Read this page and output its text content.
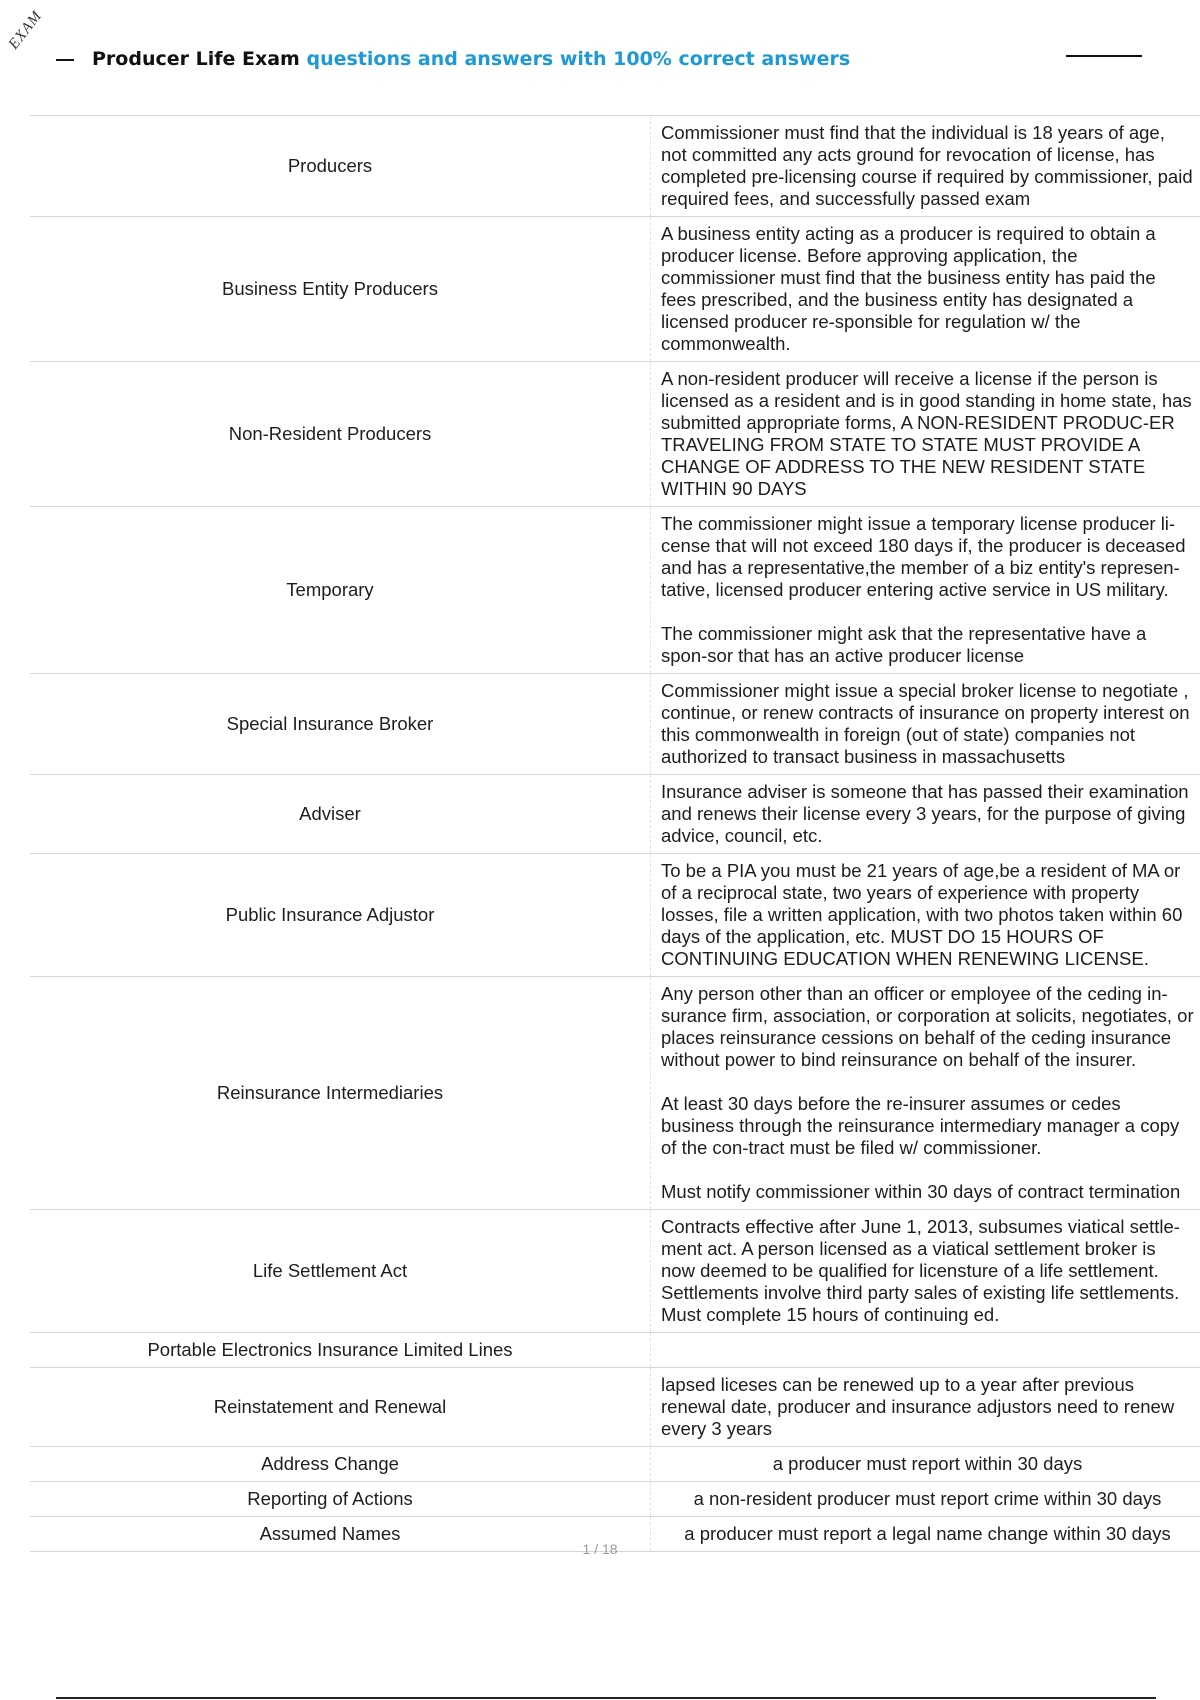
EXAM
Producer Life Exam questions and answers with 100% correct answers
Producers	Commissioner must find that the individual is 18 years of age, not committed any acts ground for revocation of license, has completed pre-licensing course if required by commissioner, paid required fees, and successfully passed exam

Business Entity Producers	A business entity acting as a producer is required to obtain a producer license. Before approving application, the commissioner must find that the business entity has paid the fees prescribed, and the business entity has designated a licensed producer re-sponsible for regulation w/ the commonwealth.

Non-Resident Producers	A non-resident producer will receive a license if the person is licensed as a resident and is in good standing in home state, has submitted appropriate forms, A NON-RESIDENT PRODUC-ER TRAVELING FROM STATE TO STATE MUST PROVIDE A CHANGE OF ADDRESS TO THE NEW RESIDENT STATE WITHIN 90 DAYS

Temporary	The commissioner might issue a temporary license producer li-cense that will not exceed 180 days if, the producer is deceased and has a representative,the member of a biz entity's represen-tative, licensed producer entering active service in US military.
The commissioner might ask that the representative have a spon-sor that has an active producer license

Special Insurance Broker	Commissioner might issue a special broker license to negotiate , continue, or renew contracts of insurance on property interest on this commonwealth in foreign (out of state) companies not authorized to transact business in massachusetts

Adviser	Insurance adviser is someone that has passed their examination and renews their license every 3 years, for the purpose of giving advice, council, etc.

Public Insurance Adjustor	To be a PIA you must be 21 years of age,be a resident of MA or of a reciprocal state, two years of experience with property losses, file a written application, with two photos taken within 60 days of the application, etc. MUST DO 15 HOURS OF CONTINUING EDUCATION WHEN RENEWING LICENSE.

Reinsurance Intermediaries	Any person other than an officer or employee of the ceding in-surance firm, association, or corporation at solicits, negotiates, or places reinsurance cessions on behalf of the ceding insurance without power to bind reinsurance on behalf of the insurer.
At least 30 days before the re-insurer assumes or cedes business through the reinsurance intermediary manager a copy of the con-tract must be filed w/ commissioner.
Must notify commissioner within 30 days of contract termination

Life Settlement Act	Contracts effective after June 1, 2013, subsumes viatical settle-ment act. A person licensed as a viatical settlement broker is now deemed to be qualified for licensture of a life settlement. Settlements involve third party sales of existing life settlements. Must complete 15 hours of continuing ed.

Portable Electronics Insurance Limited Lines	
Reinstatement and Renewal	lapsed liceses can be renewed up to a year after previous renewal date, producer and insurance adjustors need to renew every 3 years

Address Change	a producer must report within 30 days

Reporting of Actions	a non-resident producer must report crime within 30 days

Assumed Names	a producer must report a legal name change within 30 days
1 / 18
